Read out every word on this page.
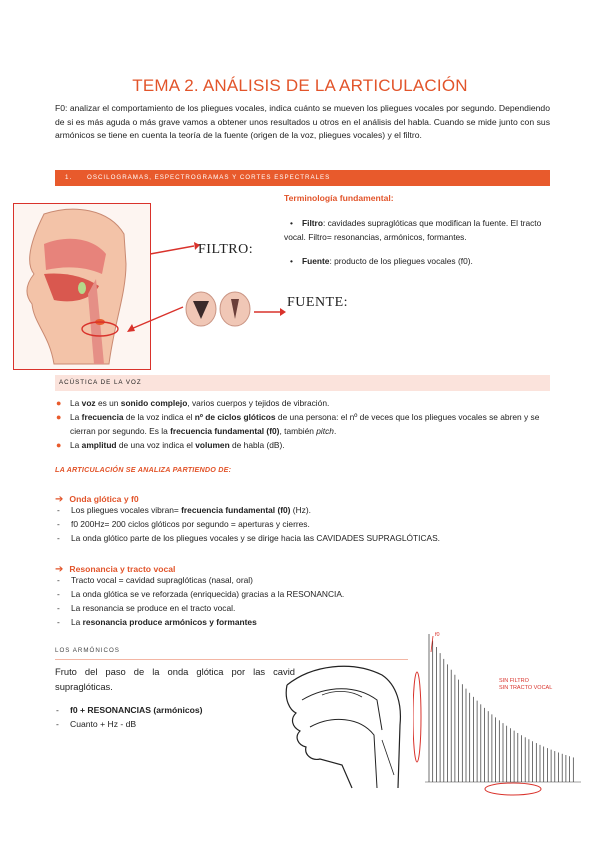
TEMA 2. ANÁLISIS DE LA ARTICULACIÓN
F0: analizar el comportamiento de los pliegues vocales, indica cuánto se mueven los pliegues vocales por segundo. Dependiendo de si es más aguda o más grave vamos a obtener unos resultados u otros en el análisis del habla. Cuando se mide junto con sus armónicos se tiene en cuenta la teoría de la fuente (origen de la voz, pliegues vocales) y el filtro.
1. OSCILOGRAMAS, ESPECTROGRAMAS Y CORTES ESPECTRALES
FILTRO:
FUENTE:
Terminología fundamental:
• Filtro: cavidades supraglóticas que modifican la fuente. El tracto vocal. Filtro= resonancias, armónicos, formantes.
• Fuente: producto de los pliegues vocales (f0).
ACÚSTICA DE LA VOZ
● La voz es un sonido complejo, varios cuerpos y tejidos de vibración.
● La frecuencia de la voz indica el nº de ciclos glóticos de una persona: el nº de veces que los pliegues vocales se abren y se cierran por segundo. Es la frecuencia fundamental (f0), también pitch.
● La amplitud de una voz indica el volumen de habla (dB).
LA ARTICULACIÓN SE ANALIZA PARTIENDO DE:
➔ Onda glótica y f0
- Los pliegues vocales vibran= frecuencia fundamental (f0) (Hz).
- f0 200Hz= 200 ciclos glóticos por segundo = aperturas y cierres.
- La onda glótico parte de los pliegues vocales y se dirige hacia las CAVIDADES SUPRAGLÓTICAS.
➔ Resonancia y tracto vocal
- Tracto vocal = cavidad supraglóticas (nasal, oral)
- La onda glótica se ve reforzada (enriquecida) gracias a la RESONANCIA.
- La resonancia se produce en el tracto vocal.
- La resonancia produce armónicos y formantes
LOS ARMÓNICOS
Fruto del paso de la onda glótica por las cavid supraglóticas.
- f0 + RESONANCIAS (armónicos)
- Cuanto + Hz - dB
f0
SIN FILTRO
SIN TRACTO VOCAL
